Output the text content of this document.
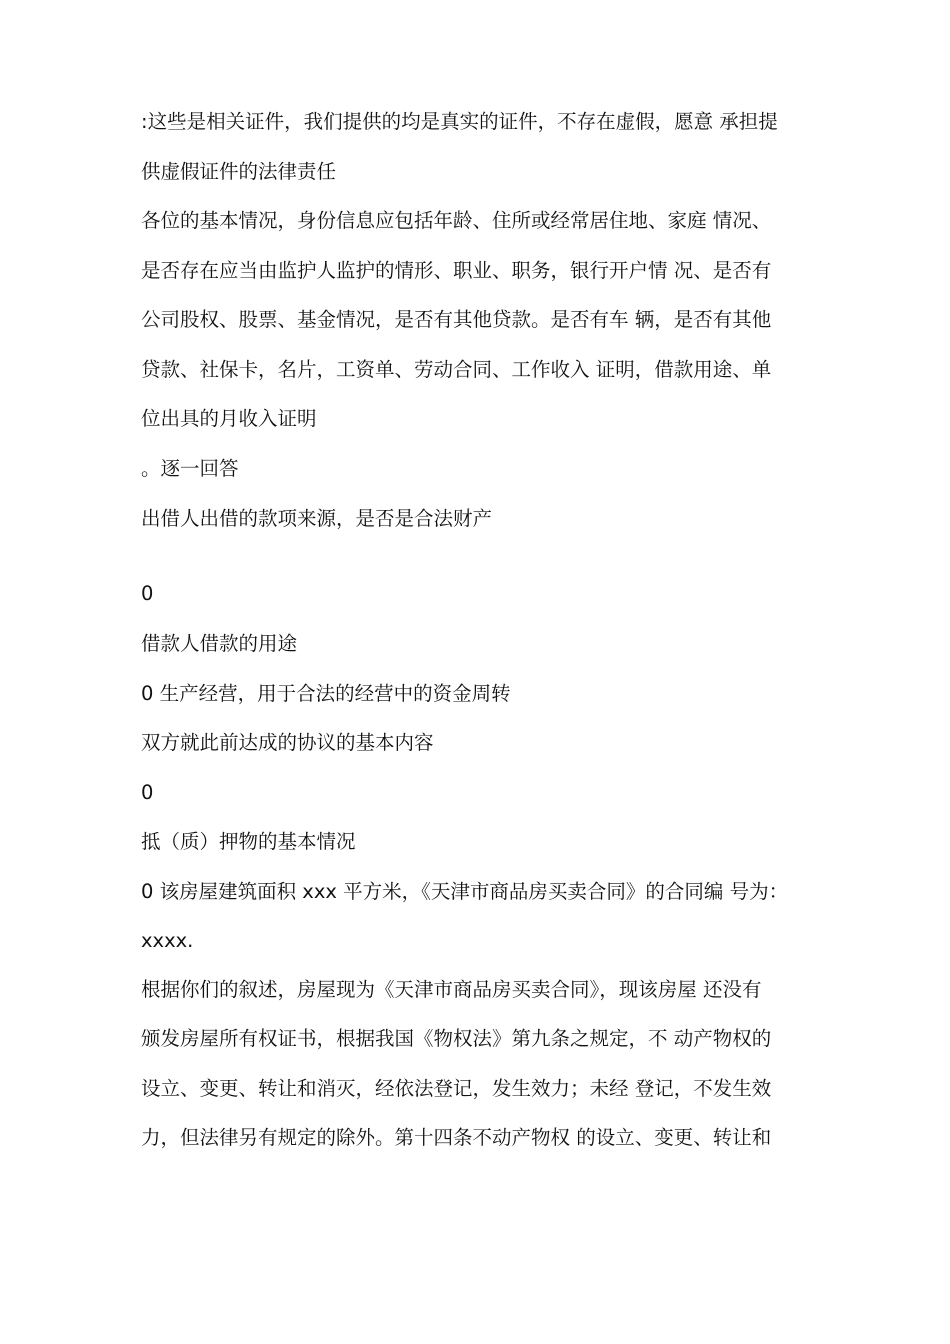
:这些是相关证件，我们提供的均是真实的证件，不存在虚假，愿意 承担提
供虚假证件的法律责任
各位的基本情况，身份信息应包括年龄、住所或经常居住地、家庭 情况、
是否存在应当由监护人监护的情形、职业、职务，银行开户情 况、是否有
公司股权、股票、基金情况，是否有其他贷款。是否有车 辆，是否有其他
贷款、社保卡，名片，工资单、劳动合同、工作收入 证明，借款用途、单
位出具的月收入证明
。逐一回答
出借人出借的款项来源，是否是合法财产
0
借款人借款的用途
0 生产经营，用于合法的经营中的资金周转
双方就此前达成的协议的基本内容
0
抵（质）押物的基本情况
0 该房屋建筑面积 xxx 平方米，《天津市商品房买卖合同》的合同编 号为：
xxxx.
根据你们的叙述，房屋现为《天津市商品房买卖合同》，现该房屋 还没有
颁发房屋所有权证书，根据我国《物权法》第九条之规定，不 动产物权的
设立、变更、转让和消灭，经依法登记，发生效力；未经 登记，不发生效
力，但法律另有规定的除外。第十四条不动产物权 的设立、变更、转让和
